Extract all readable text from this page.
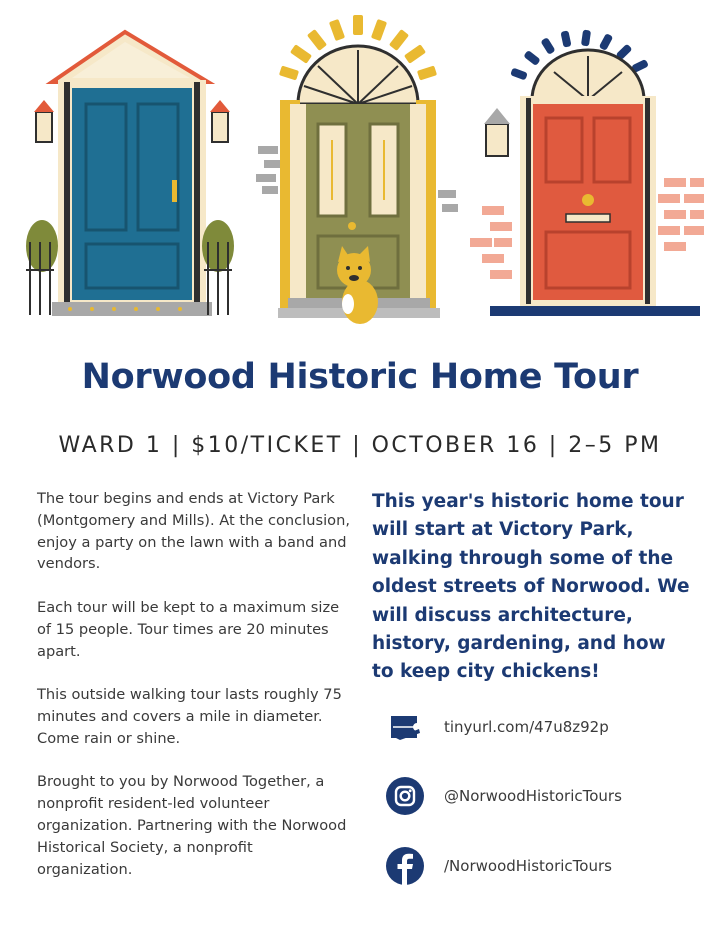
Norwood Historic Home Tour
WARD 1 | $10/TICKET | OCTOBER 16 | 2–5 PM

The tour begins and ends at Victory Park (Montgomery and Mills). At the conclusion, enjoy a party on the lawn with a band and vendors.

Each tour will be kept to a maximum size of 15 people. Tour times are 20 minutes apart.

This outside walking tour lasts roughly 75 minutes and covers a mile in diameter. Come rain or shine.

Brought to you by Norwood Together, a nonprofit resident-led volunteer organization. Partnering with the Norwood Historical Society, a nonprofit organization.

This year's historic home tour will start at Victory Park, walking through some of the oldest streets of Norwood. We will discuss architecture, history, gardening, and how to keep city chickens!
tinyurl.com/47u8z92p
@NorwoodHistoricTours
/NorwoodHistoricTours
